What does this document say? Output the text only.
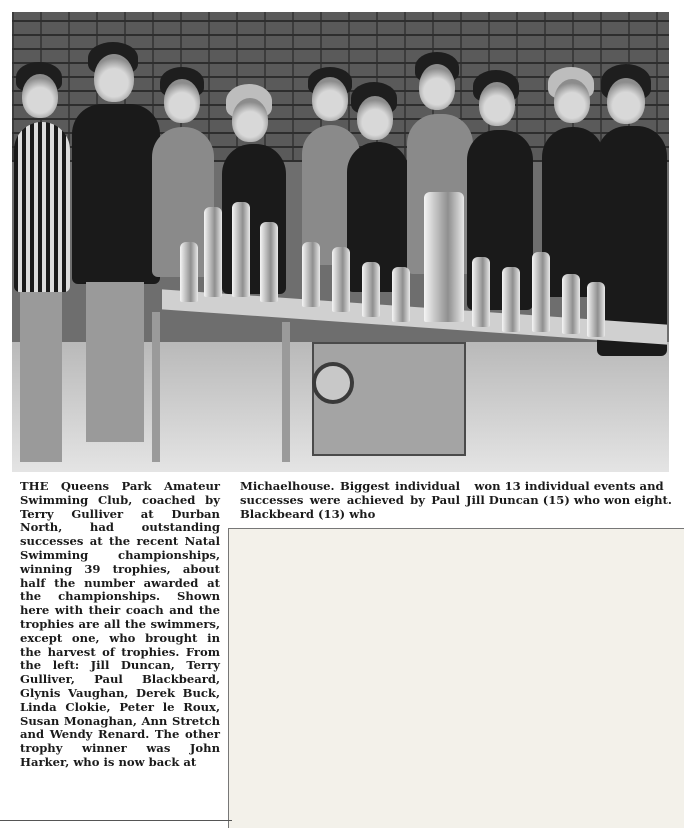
THE Queens Park Amateur Swimming Club, coached by Terry Gulliver at Durban North, had outstanding successes at the recent Natal Swimming championships, winning 39 trophies, about half the number awarded at the championships. Shown here with their coach and the trophies are all the swimmers, except one, who brought in the harvest of trophies. From the left: Jill Duncan, Terry Gulliver, Paul Blackbeard, Glynis Vaughan, Derek Buck, Linda Clokie, Peter le Roux, Susan Monaghan, Ann Stretch and Wendy Renard. The other trophy winner was John Harker, who is now back at
Michaelhouse. Biggest individual successes were achieved by Paul Blackbeard (13) who
won 13 individual events and Jill Duncan (15) who won eight.
